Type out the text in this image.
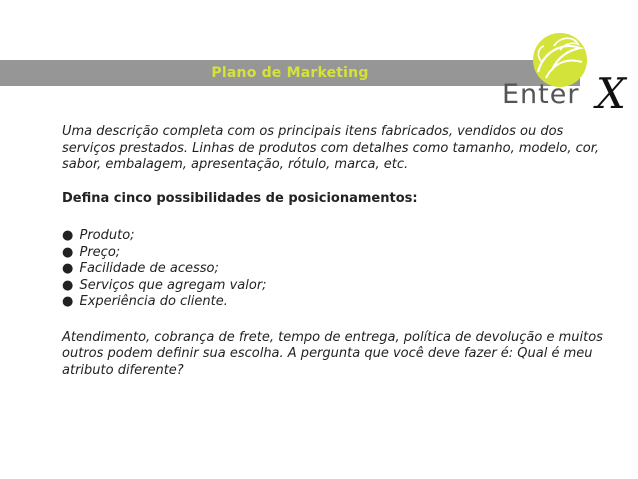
Plano de Marketing
Enter X

Uma descrição completa com os principais itens fabricados, vendidos ou dos serviços prestados. Linhas de produtos com detalhes como tamanho, modelo, cor, sabor, embalagem, apresentação, rótulo, marca, etc.

Defina cinco possibilidades de posicionamentos:

● Produto;
● Preço;
● Facilidade de acesso;
● Serviços que agregam valor;
● Experiência do cliente.

Atendimento, cobrança de frete, tempo de entrega, política de devolução e muitos outros podem definir sua escolha. A pergunta que você deve fazer é: Qual é meu atributo diferente?
